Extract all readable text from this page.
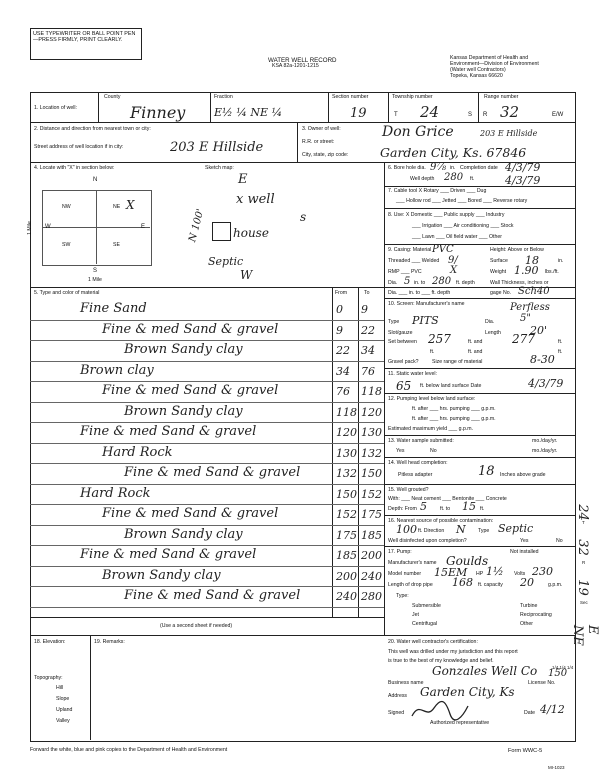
USE TYPEWRITER OR BALL POINT PEN—PRESS FIRMLY, PRINT CLEARLY.
WATER WELL RECORD
KSA 82a-1201-1215
Kansas Department of Health and
Environment—Division of Environment
(Water well Contractors)
Topeka, Kansas 66620
1. Location of well:
County
Finney
Fraction
E½ ¼ NE ¼
Section number
19
Township number
T 24	S
Range number
R 32	E/W
2. Distance and direction from nearest town or city:
Street address of well location if in city:	203 E Hillside
3. Owner of well:
R.R. or street:
City, state, zip code:
Don Grice	203 E Hillside
Garden City, Ks. 67846
4. Locate with "X" in section below:	Sketch map:
N
S
W	E
NW	NE
SW	SE
1 Mile
1 Mile
X
E
x well
s
N 100' house
Septic
W
6. Bore hole dia. 9⅞ in. Completion date
Well depth 280 ft.
4/3/79
4/3/79
7. Cable tool X Rotary ___ Driven ___ Dug
___ Hollow rod ___ Jetted ___ Bored ___ Reverse rotary
8. Use: X Domestic ___ Public supply ___ Industry
___ Irrigation ___ Air conditioning ___ Stock
___ Lawn ___ Oil field water ___ Other
9. Casing: Material PVC	Height: Above or Below
Threaded ___ Welded 9/	Surface 18	in.
RMP ___ PVC	X	Weight 1.90 lbs./ft.
Dia. 5 in. to 280 ft. depth	Wall Thickness, inches or
Dia. ___ in. to ___ ft. depth	gage No. Sch40
5. Type and color of material	From	To
(Use a second sheet if needed)
Fine Sand	0 9
Fine & med Sand & gravel	9 22
Brown Sandy clay	22 34
Brown clay	34 76
Fine & med Sand & gravel	76 118
Brown Sandy clay	118 120
Fine & med Sand & gravel	120 130
Hard Rock	130 132
Fine & med Sand & gravel	132 150
Hard Rock	150 152
Fine & med Sand & gravel	152 175
Brown Sandy clay	175 185
Fine & med Sand & gravel	185 200
Brown Sandy clay	200 240
Fine & med Sand & gravel	240 280
10. Screen: Manufacturer's name	Perfless
Type PITS	Dia.	5"
Slot/gauze	Length	20'
Set between 257	ft. and 277	ft.
ft.	ft. and	ft.
Gravel pack?	Size range of material	8-30
11. Static water level:
65 ft. below land surface Date	4/3/79
12. Pumping level below land surface:
ft. after ___ hrs. pumping ___ g.p.m.
ft. after ___ hrs. pumping ___ g.p.m.
Estimated maximum yield ___ g.p.m.
13. Water sample submitted:	mo./day/yr.
Yes	No	mo./day/yr.
14. Well head completion:
Pitless adapter	18 Inches above grade
15. Well grouted?
With: ___ Neat cement ___ Bentonite ___ Concrete
Depth: From 5	ft. to 15 ft.
16. Nearest source of possible contamination:
100 ft. Direction N Type Septic
Well disinfected upon completion?	Yes	No
17. Pump:	Not installed
Manufacturer's name Goulds
Model number 15EM HP 1½ Volts 230
Length of drop pipe 168 ft. capacity 20	g.p.m.
Type:
Submersible
Jet
Centrifugal
Turbine
Reciprocating
Other
18. Elevation:
Topography:
Hill
Slope
Upland
Valley
19. Remarks:	20. Water well contractor's certification:
This well was drilled under my jurisdiction and this report
is true to the best of my knowledge and belief.
Business name
Gonzales Well Co
License No.
150
Address Garden City, Ks
Signed	Date 4/12
Authorized representative
Forward the white, blue and pink copies to the Department of Health and Environment	Form WWC-5
MI-1023
24
32
19
E NE
1/4 1/4 1/4
Sec
T
R
